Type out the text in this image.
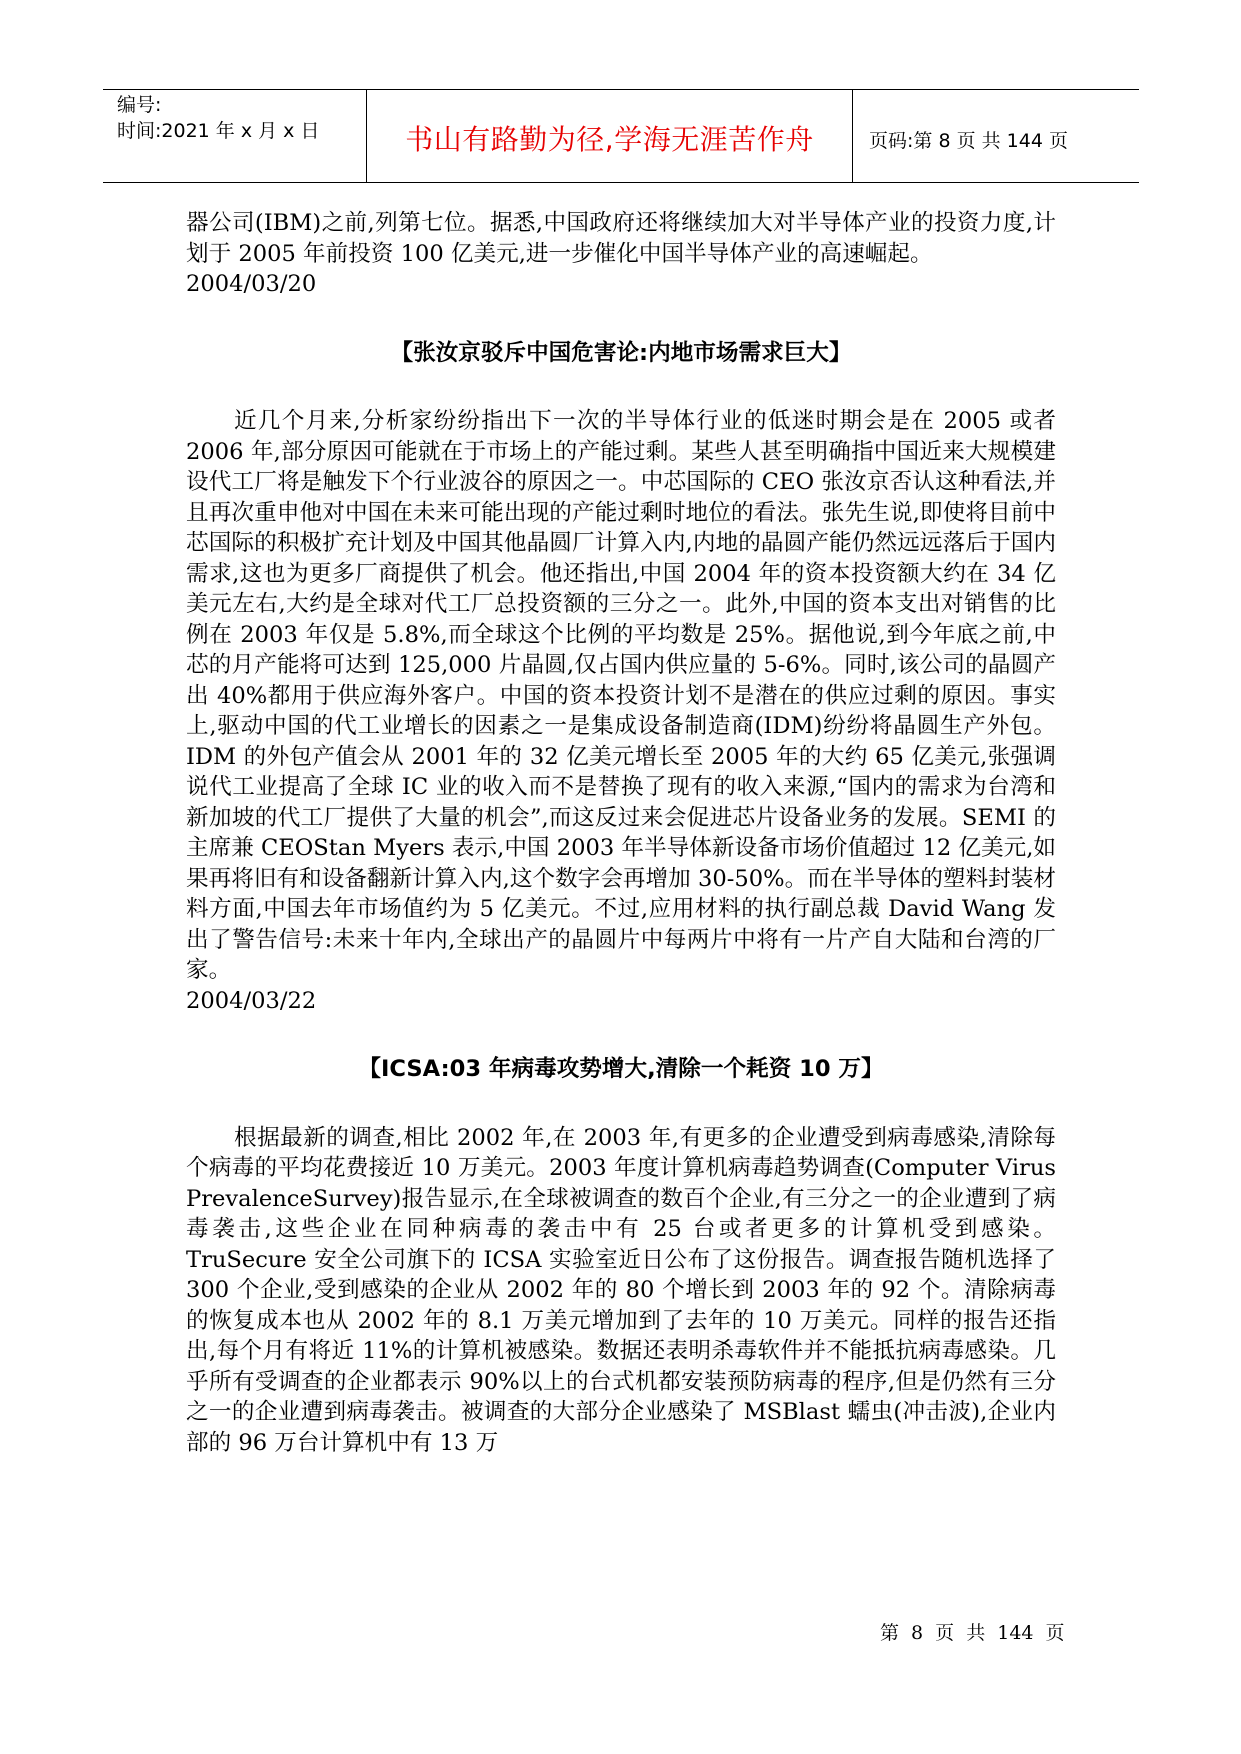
编号:
时间:2021 年 x 月 x 日	书山有路勤为径,学海无涯苦作舟	页码:第 8 页 共 144 页

器公司(IBM)之前,列第七位。据悉,中国政府还将继续加大对半导体产业的投资力度,计划于 2005 年前投资 100 亿美元,进一步催化中国半导体产业的高速崛起。

2004/03/20
【张汝京驳斥中国危害论:内地市场需求巨大】

近几个月来,分析家纷纷指出下一次的半导体行业的低迷时期会是在 2005 或者 2006 年,部分原因可能就在于市场上的产能过剩。某些人甚至明确指中国近来大规模建设代工厂将是触发下个行业波谷的原因之一。中芯国际的 CEO 张汝京否认这种看法,并且再次重申他对中国在未来可能出现的产能过剩时地位的看法。张先生说,即使将目前中芯国际的积极扩充计划及中国其他晶圆厂计算入内,内地的晶圆产能仍然远远落后于国内需求,这也为更多厂商提供了机会。他还指出,中国 2004 年的资本投资额大约在 34 亿美元左右,大约是全球对代工厂总投资额的三分之一。此外,中国的资本支出对销售的比例在 2003 年仅是 5.8%,而全球这个比例的平均数是 25%。据他说,到今年底之前,中芯的月产能将可达到 125,000 片晶圆,仅占国内供应量的 5-6%。同时,该公司的晶圆产出 40%都用于供应海外客户。中国的资本投资计划不是潜在的供应过剩的原因。事实上,驱动中国的代工业增长的因素之一是集成设备制造商(IDM)纷纷将晶圆生产外包。IDM 的外包产值会从 2001 年的 32 亿美元增长至 2005 年的大约 65 亿美元,张强调说代工业提高了全球 IC 业的收入而不是替换了现有的收入来源,“国内的需求为台湾和新加坡的代工厂提供了大量的机会”,而这反过来会促进芯片设备业务的发展。SEMI 的主席兼 CEOStan Myers 表示,中国 2003 年半导体新设备市场价值超过 12 亿美元,如果再将旧有和设备翻新计算入内,这个数字会再增加 30-50%。而在半导体的塑料封装材料方面,中国去年市场值约为 5 亿美元。不过,应用材料的执行副总裁 David Wang 发出了警告信号:未来十年内,全球出产的晶圆片中每两片中将有一片产自大陆和台湾的厂家。

2004/03/22
【ICSA:03 年病毒攻势增大,清除一个耗资 10 万】

根据最新的调查,相比 2002 年,在 2003 年,有更多的企业遭受到病毒感染,清除每个病毒的平均花费接近 10 万美元。2003 年度计算机病毒趋势调查(Computer Virus PrevalenceSurvey)报告显示,在全球被调查的数百个企业,有三分之一的企业遭到了病毒袭击,这些企业在同种病毒的袭击中有 25 台或者更多的计算机受到感染。TruSecure 安全公司旗下的 ICSA 实验室近日公布了这份报告。调查报告随机选择了 300 个企业,受到感染的企业从 2002 年的 80 个增长到 2003 年的 92 个。清除病毒的恢复成本也从 2002 年的 8.1 万美元增加到了去年的 10 万美元。同样的报告还指出,每个月有将近 11%的计算机被感染。数据还表明杀毒软件并不能抵抗病毒感染。几乎所有受调查的企业都表示 90%以上的台式机都安装预防病毒的程序,但是仍然有三分之一的企业遭到病毒袭击。被调查的大部分企业感染了 MSBlast 蠕虫(冲击波),企业内部的 96 万台计算机中有 13 万

第 8 页 共 144 页
